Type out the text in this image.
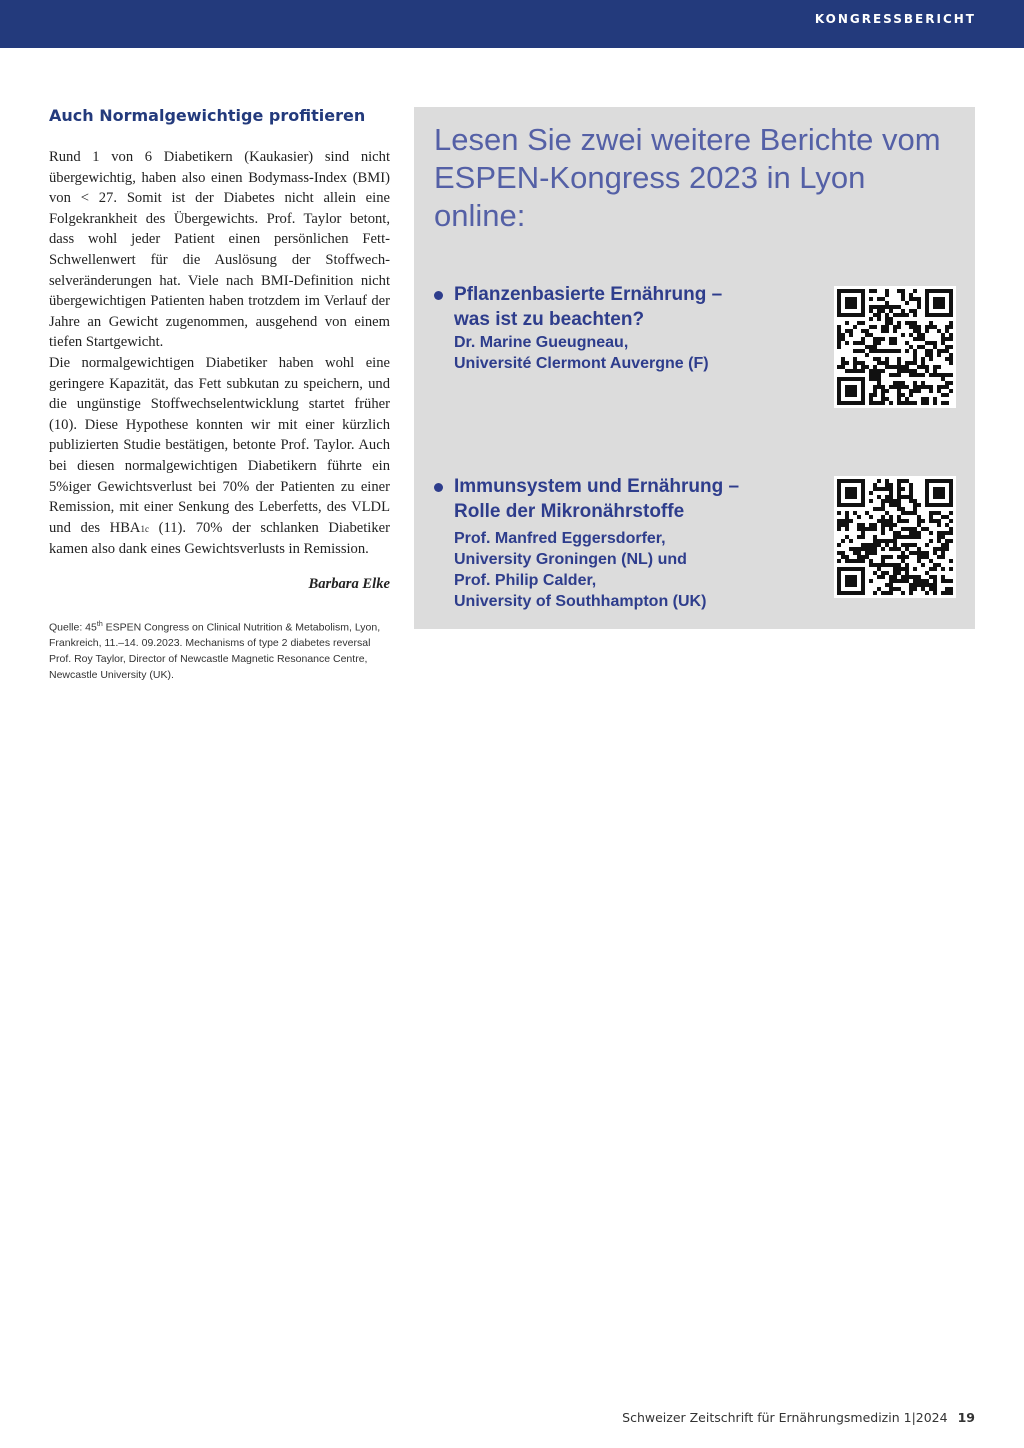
KONGRESSBERICHT
Auch Normalgewichtige profitieren

Rund 1 von 6 Diabetikern (Kaukasier) sind nicht übergewichtig, haben also einen Bodymass-Index (BMI) von < 27. Somit ist der Diabetes nicht allein eine Folgekrankheit des Übergewichts. Prof. Taylor betont, dass wohl jeder Patient einen persönlichen Fett-Schwellenwert für die Auslösung der Stoffwechselveränderungen hat. Viele nach BMI-Definition nicht übergewichtigen Patienten haben trotzdem im Verlauf der Jahre an Gewicht zugenommen, ausgehend von einem tiefen Startgewicht.

Die normalgewichtigen Diabetiker haben wohl eine geringere Kapazität, das Fett subkutan zu speichern, und die ungünstige Stoffwechselentwicklung startet früher (10). Diese Hypothese konnten wir mit einer kürzlich publizierten Studie bestätigen, betonte Prof. Taylor. Auch bei diesen normalgewichtigen Diabetikern führte ein 5%iger Gewichtsverlust bei 70% der Patienten zu einer Remission, mit einer Senkung des Leberfetts, des VLDL und des HBA1c (11). 70% der schlanken Diabetiker kamen also dank eines Gewichtsverlusts in Remission.

Barbara Elke

Quelle: 45th ESPEN Congress on Clinical Nutrition & Metabolism, Lyon, Frankreich, 11.–14. 09.2023. Mechanisms of type 2 diabetes reversal Prof. Roy Taylor, Director of Newcastle Magnetic Resonance Centre, Newcastle University (UK).

Lesen Sie zwei weitere Berichte vom ESPEN-Kongress 2023 in Lyon online:

Pflanzenbasierte Ernährung –
was ist zu beachten?

Dr. Marine Gueugneau,
Université Clermont Auvergne (F)

Immunsystem und Ernährung –
Rolle der Mikronährstoffe

Prof. Manfred Eggersdorfer,
University Groningen (NL) und
Prof. Philip Calder,
University of Southhampton (UK)

Schweizer Zeitschrift für Ernährungsmedizin 1|2024 19
